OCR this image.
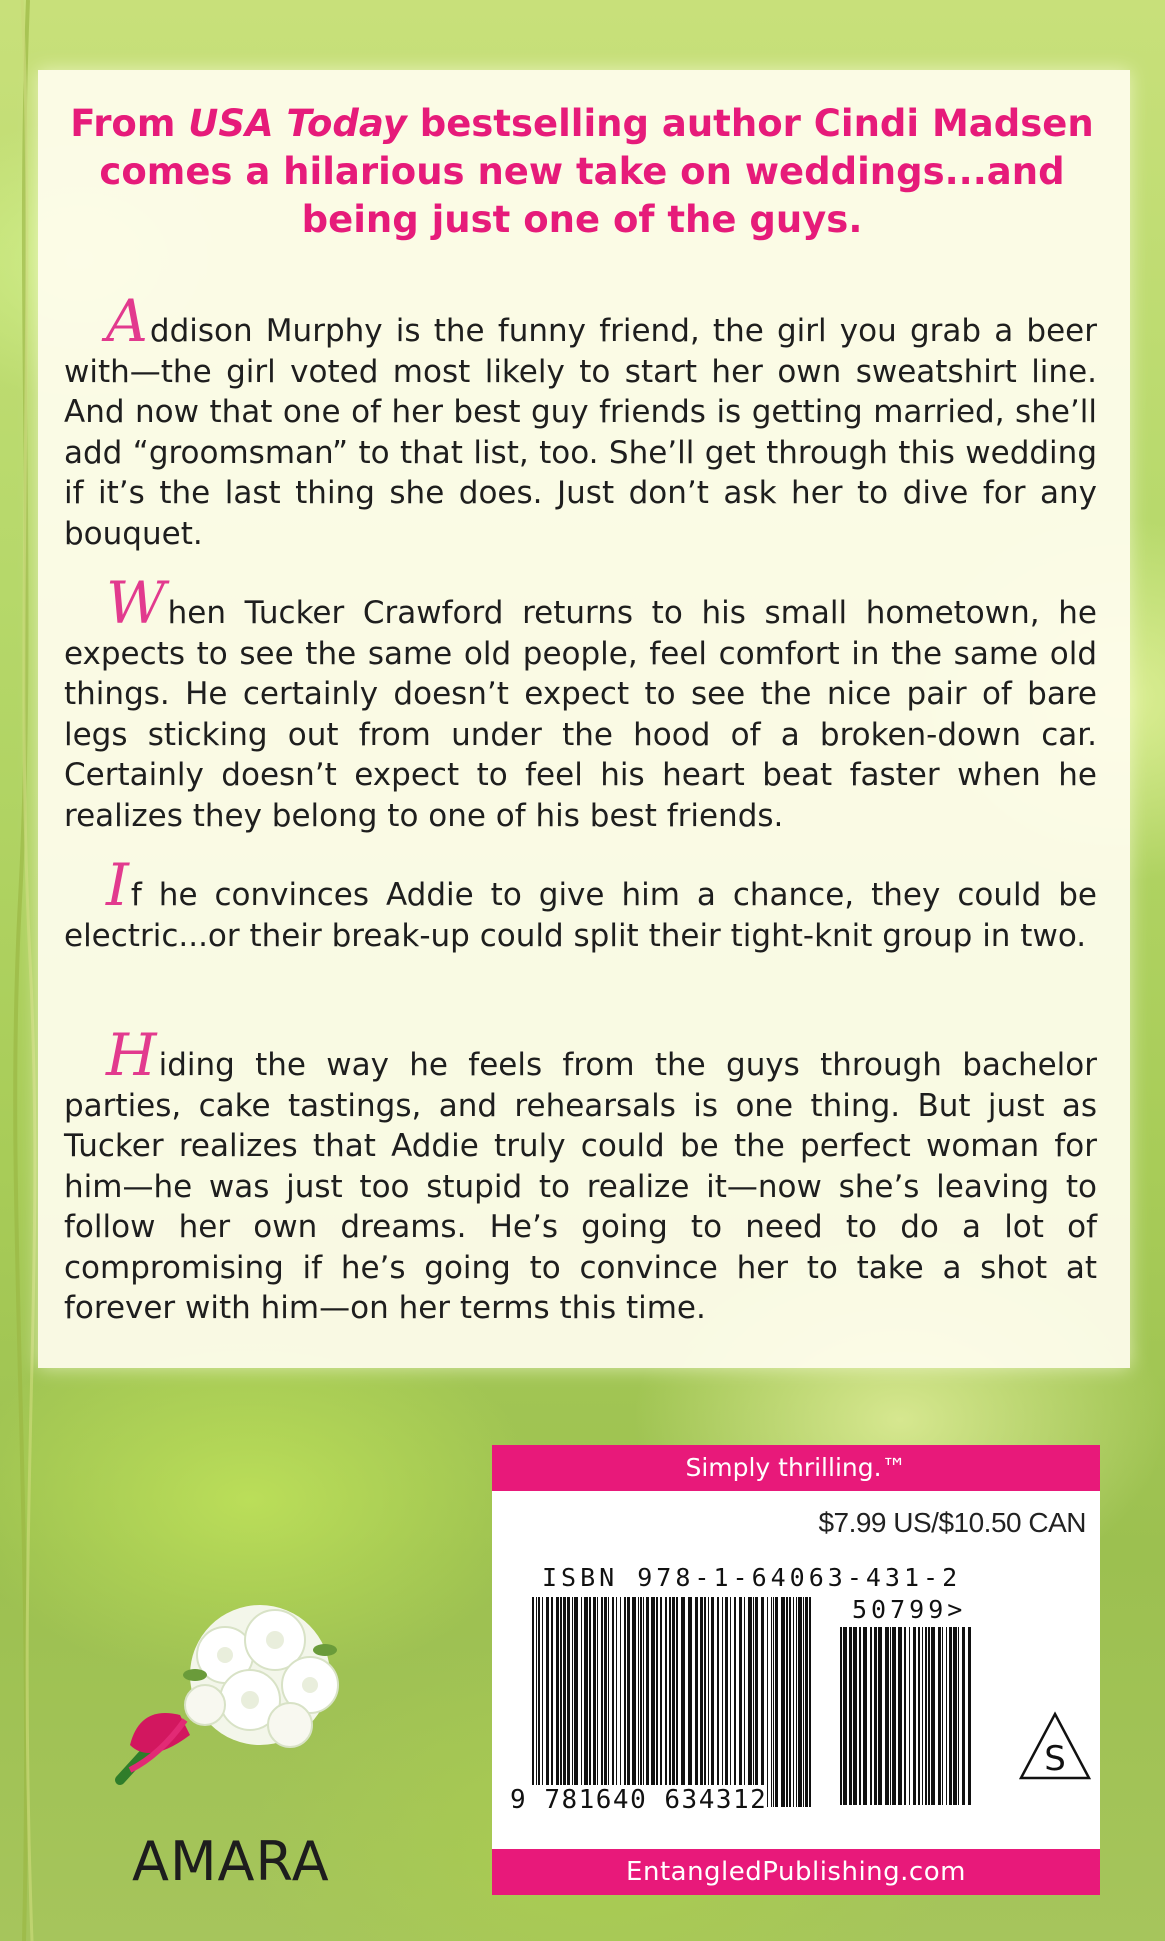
From USA Today bestselling author Cindi Madsen comes a hilarious new take on weddings...and being just one of the guys.
Addison Murphy is the funny friend, the girl you grab a beer with—the girl voted most likely to start her own sweatshirt line. And now that one of her best guy friends is getting married, she’ll add “groomsman” to that list, too. She’ll get through this wedding if it’s the last thing she does. Just don’t ask her to dive for any bouquet.
When Tucker Crawford returns to his small hometown, he expects to see the same old people, feel comfort in the same old things. He certainly doesn’t expect to see the nice pair of bare legs sticking out from under the hood of a broken-down car. Certainly doesn’t expect to feel his heart beat faster when he realizes they belong to one of his best friends.
If he convinces Addie to give him a chance, they could be electric...or their break-up could split their tight-knit group in two.
Hiding the way he feels from the guys through bachelor parties, cake tastings, and rehearsals is one thing. But just as Tucker realizes that Addie truly could be the perfect woman for him—he was just too stupid to realize it—now she’s leaving to follow her own dreams. He’s going to need to do a lot of compromising if he’s going to convince her to take a shot at forever with him—on her terms this time.
AMARA
Simply thrilling.™
$7.99 US/$10.50 CAN
ISBN 978-1-64063-431-2
50799>
9 781640 634312
S
EntangledPublishing.com
